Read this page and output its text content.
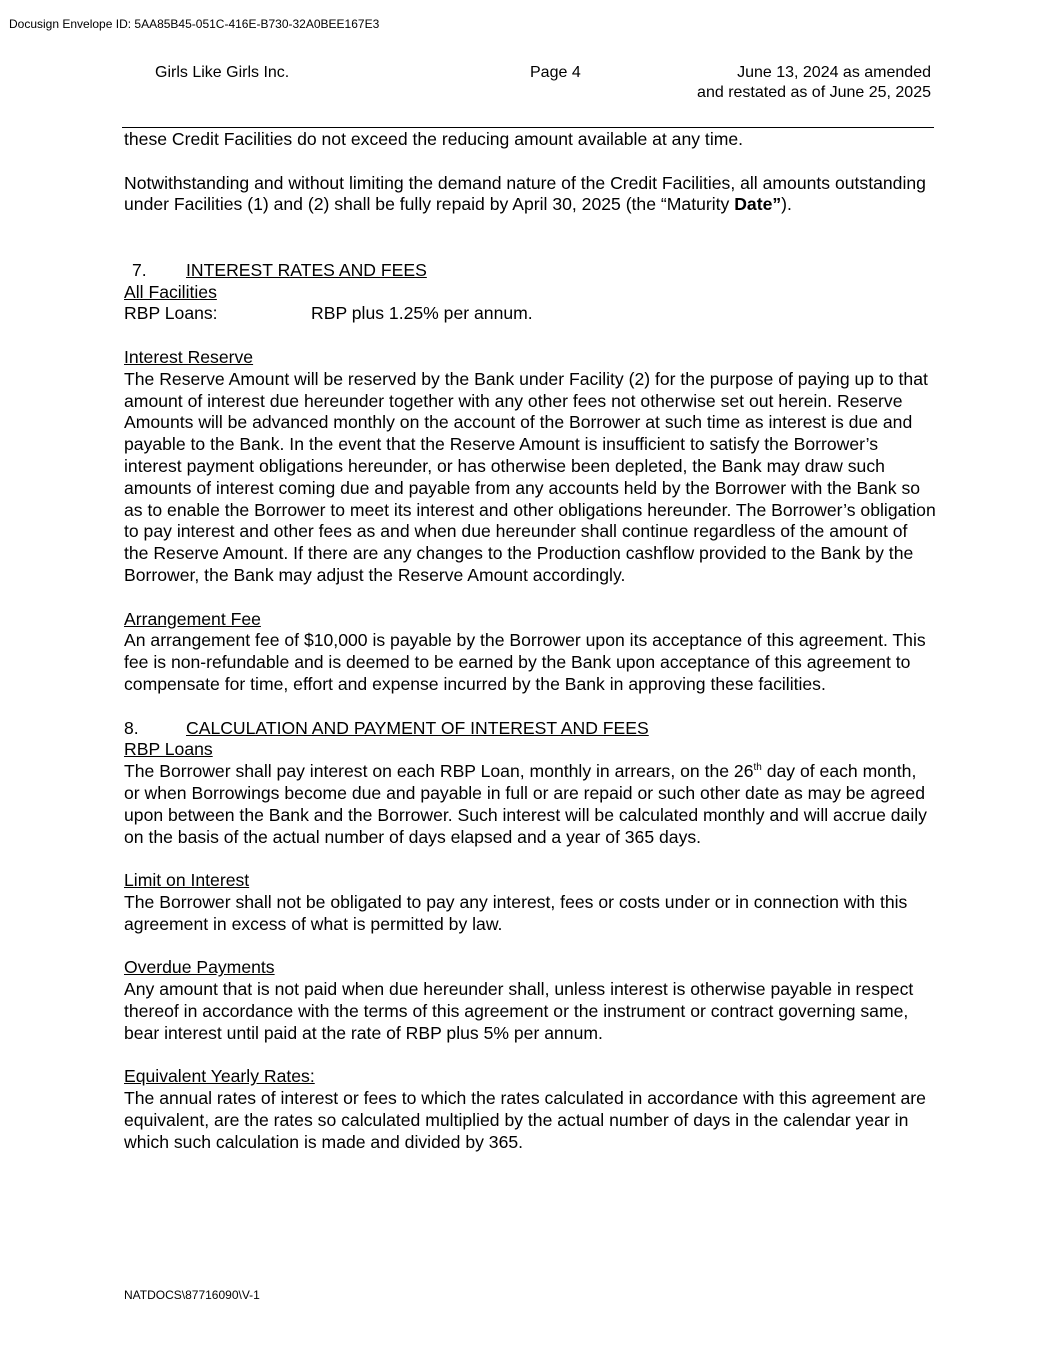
Docusign Envelope ID: 5AA85B45-051C-416E-B730-32A0BEE167E3
Girls Like Girls Inc.	Page 4	June 13, 2024 as amended
and restated as of June 25, 2025

these Credit Facilities do not exceed the reducing amount available at any time.

Notwithstanding and without limiting the demand nature of the Credit Facilities, all amounts outstanding under Facilities (1) and (2) shall be fully repaid by April 30, 2025 (the “Maturity Date”).

7. INTEREST RATES AND FEES

All Facilities

RBP Loans:	RBP plus 1.25% per annum.

Interest Reserve

The Reserve Amount will be reserved by the Bank under Facility (2) for the purpose of paying up to that amount of interest due hereunder together with any other fees not otherwise set out herein. Reserve Amounts will be advanced monthly on the account of the Borrower at such time as interest is due and payable to the Bank. In the event that the Reserve Amount is insufficient to satisfy the Borrower’s interest payment obligations hereunder, or has otherwise been depleted, the Bank may draw such amounts of interest coming due and payable from any accounts held by the Borrower with the Bank so as to enable the Borrower to meet its interest and other obligations hereunder. The Borrower’s obligation to pay interest and other fees as and when due hereunder shall continue regardless of the amount of the Reserve Amount. If there are any changes to the Production cashflow provided to the Bank by the Borrower, the Bank may adjust the Reserve Amount accordingly.

Arrangement Fee

An arrangement fee of $10,000 is payable by the Borrower upon its acceptance of this agreement. This fee is non-refundable and is deemed to be earned by the Bank upon acceptance of this agreement to compensate for time, effort and expense incurred by the Bank in approving these facilities.

8.	CALCULATION AND PAYMENT OF INTEREST AND FEES

RBP Loans

The Borrower shall pay interest on each RBP Loan, monthly in arrears, on the 26th day of each month, or when Borrowings become due and payable in full or are repaid or such other date as may be agreed upon between the Bank and the Borrower. Such interest will be calculated monthly and will accrue daily on the basis of the actual number of days elapsed and a year of 365 days.

Limit on Interest

The Borrower shall not be obligated to pay any interest, fees or costs under or in connection with this agreement in excess of what is permitted by law.

Overdue Payments

Any amount that is not paid when due hereunder shall, unless interest is otherwise payable in respect thereof in accordance with the terms of this agreement or the instrument or contract governing same, bear interest until paid at the rate of RBP plus 5% per annum.

Equivalent Yearly Rates:

The annual rates of interest or fees to which the rates calculated in accordance with this agreement are equivalent, are the rates so calculated multiplied by the actual number of days in the calendar year in which such calculation is made and divided by 365.

NATDOCS\87716090\V-1
